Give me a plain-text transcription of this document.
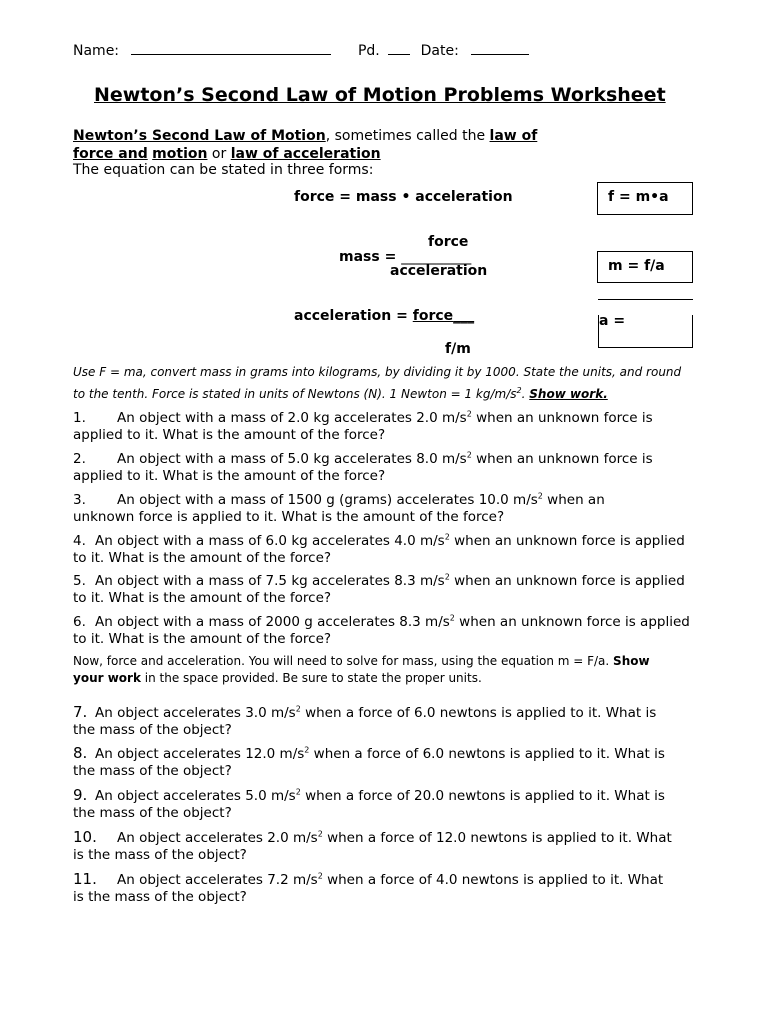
Name:	Pd.	Date:
Newton’s Second Law of Motion Problems Worksheet
Newton’s Second Law of Motion, sometimes called the law of
force and motion or law of acceleration
The equation can be stated in three forms:
force = mass • acceleration	f = m•a
force
mass = __________
acceleration	m = f/a
acceleration = force___	a =
f/m
Use F = ma, convert mass in grams into kilograms, by dividing it by 1000. State the units, and round
to the tenth. Force is stated in units of Newtons (N). 1 Newton = 1 $kg/m/s^2$. Show work.
1. An object with a mass of 2.0 kg accelerates 2.0 $m/s^2$ when an unknown force is
applied to it. What is the amount of the force?
2. An object with a mass of 5.0 kg accelerates 8.0 $m/s^2$ when an unknown force is
applied to it. What is the amount of the force?
3. An object with a mass of 1500 g (grams) accelerates 10.0 $m/s^2$ when an
unknown force is applied to it. What is the amount of the force?
4. An object with a mass of 6.0 kg accelerates 4.0 $m/s^2$ when an unknown force is applied
to it. What is the amount of the force?
5. An object with a mass of 7.5 kg accelerates 8.3 $m/s^2$ when an unknown force is applied
to it. What is the amount of the force?
6. An object with a mass of 2000 g accelerates 8.3 $m/s^2$ when an unknown force is applied
to it. What is the amount of the force?
Now, force and acceleration. You will need to solve for mass, using the equation m = F/a. Show
your work in the space provided. Be sure to state the proper units.
7. An object accelerates 3.0 $m/s^2$ when a force of 6.0 newtons is applied to it. What is
the mass of the object?
8. An object accelerates 12.0 $m/s^2$ when a force of 6.0 newtons is applied to it. What is
the mass of the object?
9. An object accelerates 5.0 $m/s^2$ when a force of 20.0 newtons is applied to it. What is
the mass of the object?
10. An object accelerates 2.0 $m/s^2$ when a force of 12.0 newtons is applied to it. What
is the mass of the object?
11. An object accelerates 7.2 $m/s^2$ when a force of 4.0 newtons is applied to it. What
is the mass of the object?
